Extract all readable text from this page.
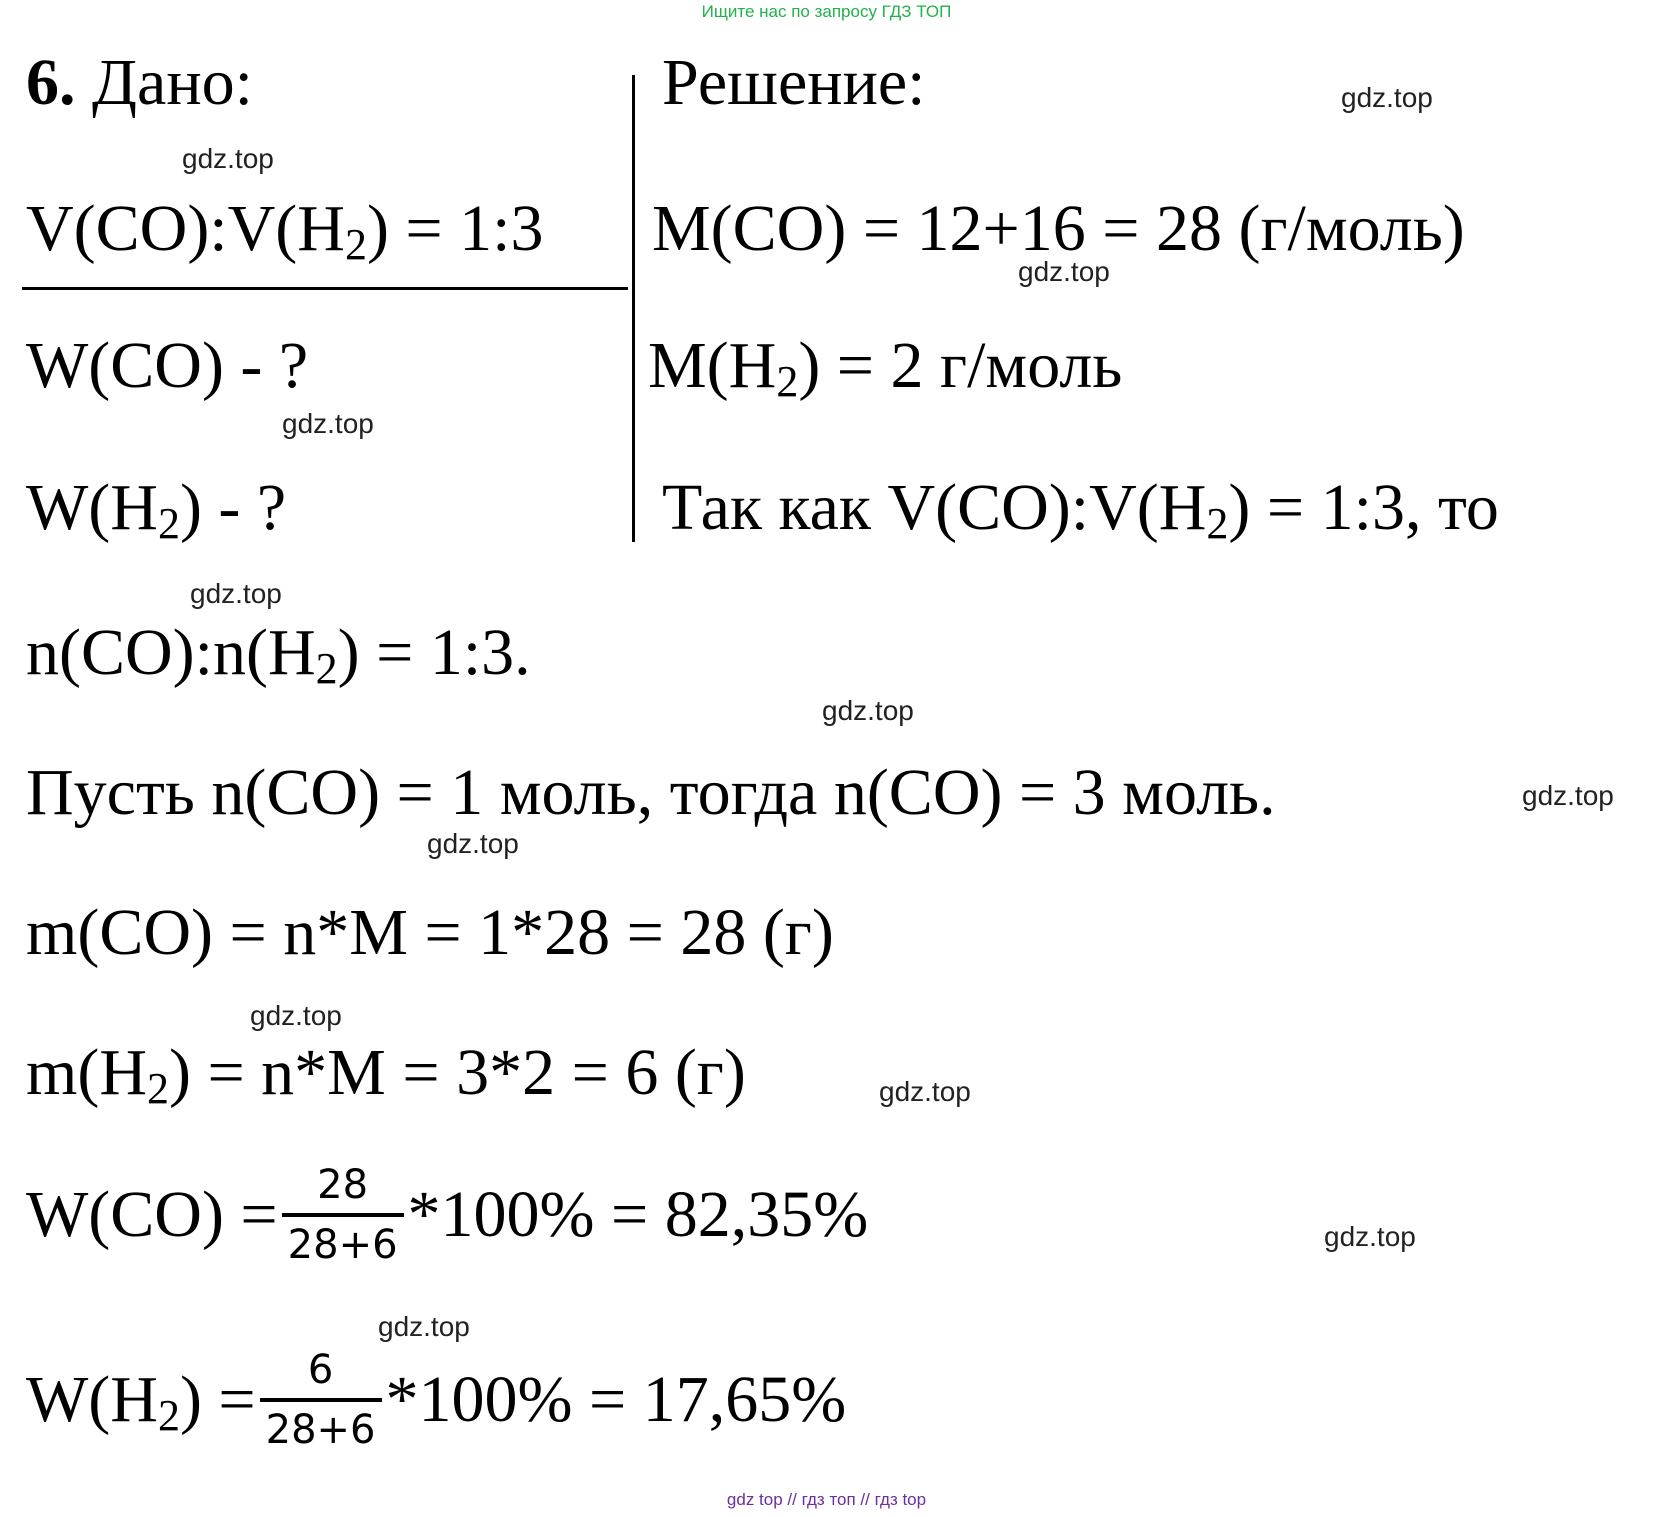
Ищите нас по запросу ГДЗ ТОП
6. Дано:
$V(CO):V(H_2)$ = 1:3
W(CO) - ?
$W(H_2)$ - ?
Решение:
M(CO) = 12+16 = 28 (г/моль)
$M(H_2) = 2$ г/моль
Так как $V(CO):V(H_2)$ = 1:3, то
$n(CO):n(H_2)$ = 1:3.
Пусть n(CO) = 1 моль, тогда n(CO) = 3 моль.
m(CO) = n*M = 1*28 = 28 (г)
$m(H_2) = n*M = 3*2 = 6$ (г)
$W(CO) = \frac{28}{28+6} *100\% = 82,35\%$
$W(H_2) = \frac{6}{28+6} *100\% = 17,65\%$
gdz.top
gdz.top
gdz.top
gdz.top
gdz.top
gdz.top
gdz.top
gdz.top
gdz.top
gdz.top
gdz.top
gdz.top
gdz top // гдз топ // гдз top
